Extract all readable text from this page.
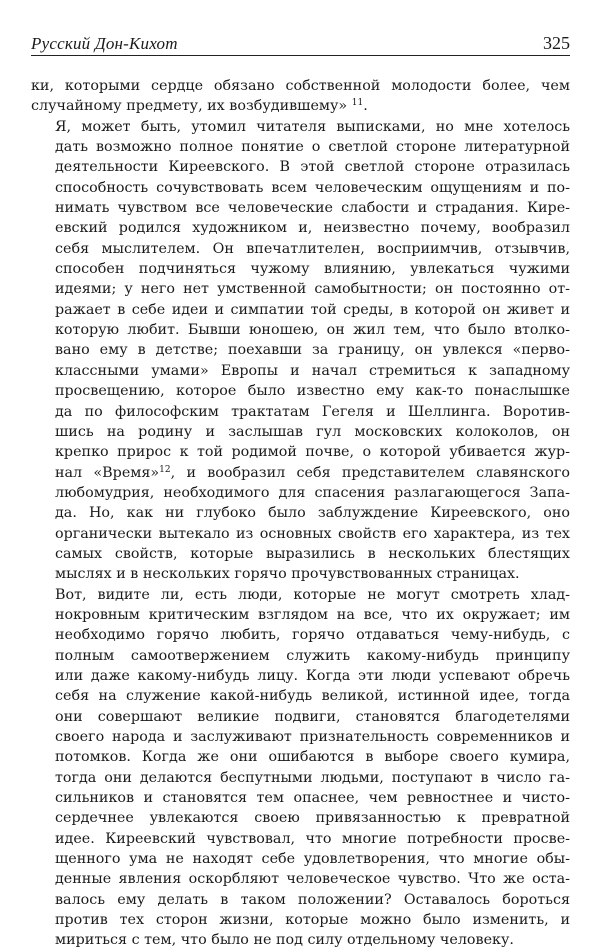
Русский Дон-Кихот	325

ки, которыми сердце обязано собственной молодости более, чем
случайному предмету, их возбудившему» $^{11}$.

Я, может быть, утомил читателя выписками, но мне хотелось
дать возможно полное понятие о светлой стороне литературной
деятельности Киреевского. В этой светлой стороне отразилась
способность сочувствовать всем человеческим ощущениям и по-
нимать чувством все человеческие слабости и страдания. Кире-
евский родился художником и, неизвестно почему, вообразил
себя мыслителем. Он впечатлителен, восприимчив, отзывчив,
способен подчиняться чужому влиянию, увлекаться чужими
идеями; у него нет умственной самобытности; он постоянно от-
ражает в себе идеи и симпатии той среды, в которой он живет и
которую любит. Бывши юношею, он жил тем, что было втолко-
вано ему в детстве; поехавши за границу, он увлекся «перво-
классными умами» Европы и начал стремиться к западному
просвещению, которое было известно ему как-то понаслышке
да по философским трактатам Гегеля и Шеллинга. Воротив-
шись на родину и заслышав гул московских колоколов, он
крепко прирос к той родимой почве, о которой убивается жур-
нал «Время»$^{12}$, и вообразил себя представителем славянского
любомудрия, необходимого для спасения разлагающегося Запа-
да. Но, как ни глубоко было заблуждение Киреевского, оно
органически вытекало из основных свойств его характера, из тех
самых свойств, которые выразились в нескольких блестящих
мыслях и в нескольких горячо прочувствованных страницах.

Вот, видите ли, есть люди, которые не могут смотреть хлад-
нокровным критическим взглядом на все, что их окружает; им
необходимо горячо любить, горячо отдаваться чему-нибудь, с
полным самоотвержением служить какому-нибудь принципу
или даже какому-нибудь лицу. Когда эти люди успевают обречь
себя на служение какой-нибудь великой, истинной идее, тогда
они совершают великие подвиги, становятся благодетелями
своего народа и заслуживают признательность современников и
потомков. Когда же они ошибаются в выборе своего кумира,
тогда они делаются беспутными людьми, поступают в число га-
сильников и становятся тем опаснее, чем ревностнее и чисто-
сердечнее увлекаются своею привязанностью к превратной
идее. Киреевский чувствовал, что многие потребности просве-
щенного ума не находят себе удовлетворения, что многие обы-
денные явления оскорбляют человеческое чувство. Что же оста-
валось ему делать в таком положении? Оставалось бороться
против тех сторон жизни, которые можно было изменить, и
мириться с тем, что было не под силу отдельному человеку.
